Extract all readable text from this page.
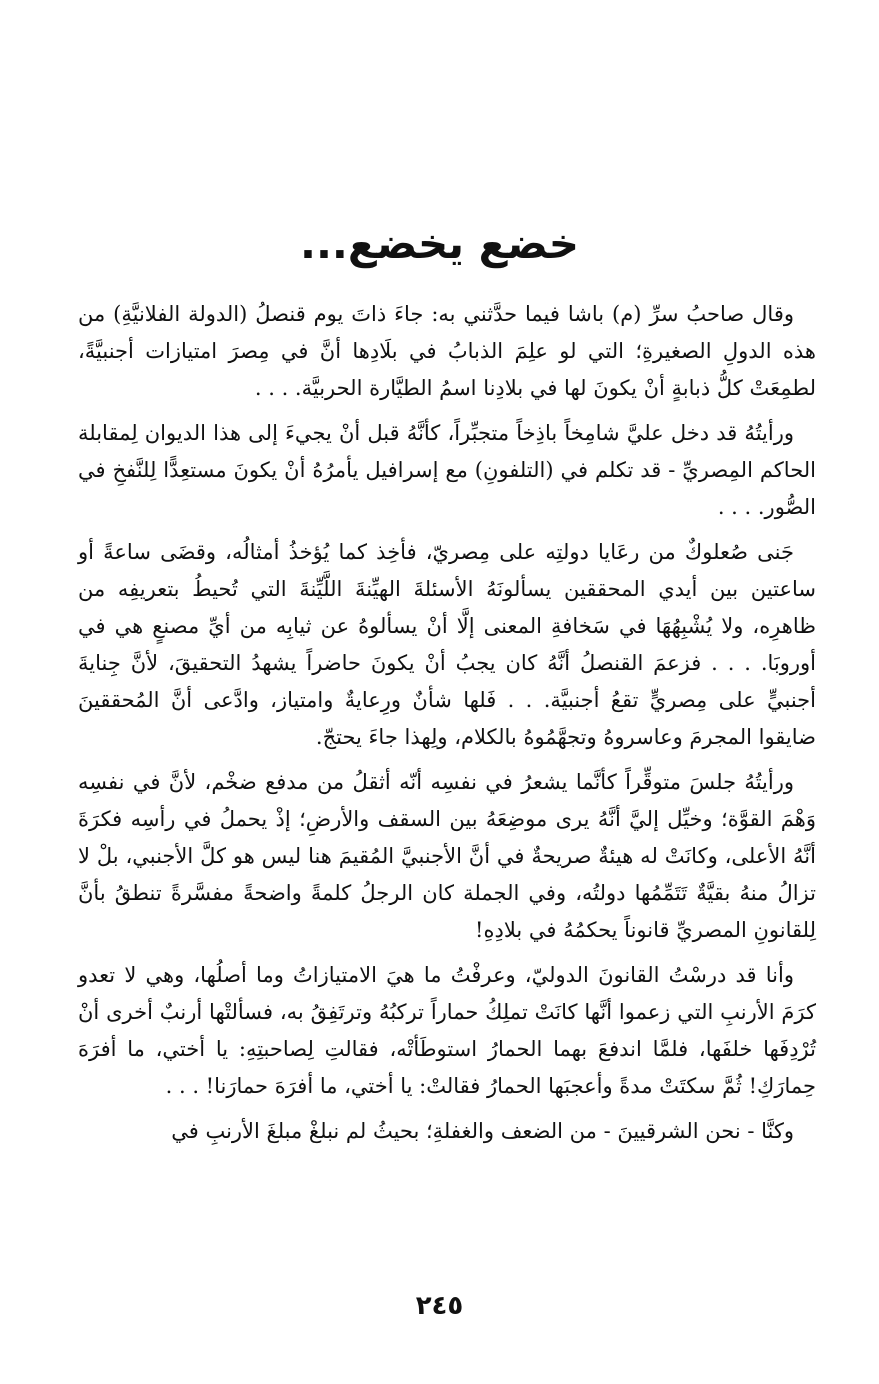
خضع يخضع...

وقال صاحبُ سرِّ (م) باشا فيما حدَّثني به: جاءَ ذاتَ يوم قنصلُ (الدولة الفلانيَّةِ) من هذه الدولِ الصغيرةِ؛ التي لو علِمَ الذبابُ في بلَادِها أنَّ في مِصرَ امتيازات أجنبيَّةً، لطمِعَتْ كلُّ ذبابةٍ أنْ يكونَ لها في بلادِنا اسمُ الطيَّارة الحربيَّة. . . .

ورأيتُهُ قد دخل عليَّ شامِخاً باذِخاً متجبِّراً، كأنَّهُ قبل أنْ يجيءَ إلى هذا الديوان لِمقابلة الحاكم المِصريِّ - قد تكلم في (التلفونِ) مع إسرافيل يأمرُهُ أنْ يكونَ مستعِدًّا لِلنَّفخِ في الصُّور. . . .

جَنى صُعلوكٌ من رعَايا دولتِه على مِصريّ، فأخِذ كما يُؤخذُ أمثالُه، وقضَى ساعةً أو ساعتين بين أيدي المحققين يسألونَهُ الأسئلةَ الهيِّنةَ اللَّيِّنةَ التي تُحيطُ بتعريفِه من ظاهرِه، ولا يُشْبِهُهَا في سَخافةِ المعنى إلَّا أنْ يسألوهُ عن ثيابِه من أيِّ مصنعٍ هي في أوروبَا. . . . فزعمَ القنصلُ أنَّهُ كان يجبُ أنْ يكونَ حاضراً يشهدُ التحقيقَ، لأنَّ جِنايةَ أجنبيٍّ على مِصريٍّ تقعُ أجنبيَّة. . . فَلها شأنٌ ورِعايةٌ وامتياز، وادَّعى أنَّ المُحققينَ ضايقوا المجرمَ وعاسروهُ وتجهَّمُوهُ بالكلام، ولِهذا جاءَ يحتجّ.

ورأيتُهُ جلسَ متوقِّراً كأنَّما يشعرُ في نفسِه أنّه أثقلُ من مدفع ضخْم، لأنَّ في نفسِه وَهْمَ القوَّة؛ وخيِّل إليَّ أنَّهُ يرى موضِعَهُ بين السقف والأرضِ؛ إذْ يحملُ في رأسِه فكرَةَ أنَّهُ الأعلى، وكانَتْ له هيئةٌ صريحةٌ في أنَّ الأجنبيَّ المُقيمَ هنا ليس هو كلَّ الأجنبي، بلْ لا تزالُ منهُ بقيَّةٌ تَتَمِّمُها دولتُه، وفي الجملة كان الرجلُ كلمةً واضحةً مفسَّرةً تنطقُ بأنَّ لِلقانونِ المصريِّ قانوناً يحكمُهُ في بلادِهِ!

وأنا قد درسْتُ القانونَ الدوليّ، وعرفْتُ ما هيَ الامتيازاتُ وما أصلُها، وهي لا تعدو كرَمَ الأرنبِ التي زعموا أنَّها كانَتْ تملِكُ حماراً تركبُهُ وترتَفِقُ به، فسألتْها أرنبٌ أخرى أنْ تُرْدِفَها خلفَها، فلمَّا اندفعَ بهما الحمارُ استوطَأتْه، فقالتِ لِصاحبتِهِ: يا أختي، ما أفرَهَ حِمارَكِ! ثُمَّ سكتَتْ مدةً وأعجبَها الحمارُ فقالتْ: يا أختي، ما أفرَهَ حمارَنا! . . .

وكنَّا - نحن الشرقيينَ - من الضعف والغفلةِ؛ بحيثُ لم نبلغْ مبلغَ الأرنبِ في

٢٤٥
